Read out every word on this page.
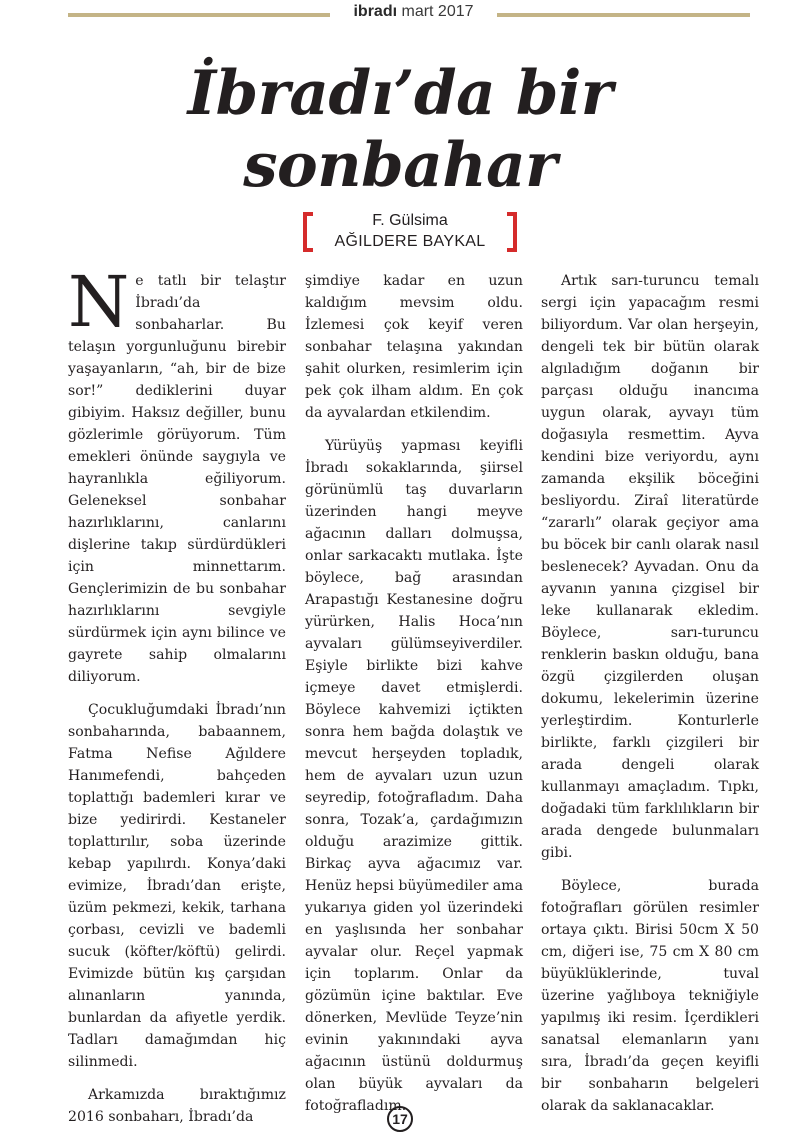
ibradı mart 2017
İbradı’da bir
sonbahar
F. Gülsima
AĞILDERE BAYKAL

Ne tatlı bir telaştır İbradı’da sonbaharlar. Bu telaşın yorgunluğunu birebir yaşayanların, “ah, bir de bize sor!” dediklerini duyar gibiyim. Haksız değiller, bunu gözlerimle görüyorum. Tüm emekleri önünde saygıyla ve hayranlıkla eğiliyorum. Geleneksel sonbahar hazırlıklarını, canlarını dişlerine takıp sürdürdükleri için minnettarım. Gençlerimizin de bu sonbahar hazırlıklarını sevgiyle sürdürmek için aynı bilince ve gayrete sahip olmalarını diliyorum.

Çocukluğumdaki İbradı’nın sonbaharında, babaannem, Fatma Nefise Ağıldere Hanımefendi, bahçeden toplattığı bademleri kırar ve bize yedirirdi. Kestaneler toplattırılır, soba üzerinde kebap yapılırdı. Konya’daki evimize, İbradı’dan erişte, üzüm pekmezi, kekik, tarhana çorbası, cevizli ve bademli sucuk (köfter/köftü) gelirdi. Evimizde bütün kış çarşıdan alınanların yanında, bunlardan da afiyetle yerdik. Tadları damağımdan hiç silinmedi.

Arkamızda bıraktığımız 2016 sonbaharı, İbradı’da

şimdiye kadar en uzun kaldığım mevsim oldu. İzlemesi çok keyif veren sonbahar telaşına yakından şahit olurken, resimlerim için pek çok ilham aldım. En çok da ayvalardan etkilendim.

Yürüyüş yapması keyifli İbradı sokaklarında, şiirsel görünümlü taş duvarların üzerinden hangi meyve ağacının dalları dolmuşsa, onlar sarkacaktı mutlaka. İşte böylece, bağ arasından Arapastığı Kestanesine doğru yürürken, Halis Hoca’nın ayvaları gülümseyiverdiler. Eşiyle birlikte bizi kahve içmeye davet etmişlerdi. Böylece kahvemizi içtikten sonra hem bağda dolaştık ve mevcut herşeyden topladık, hem de ayvaları uzun uzun seyredip, fotoğrafladım. Daha sonra, Tozak’a, çardağımızın olduğu arazimize gittik. Birkaç ayva ağacımız var. Henüz hepsi büyümediler ama yukarıya giden yol üzerindeki en yaşlısında her sonbahar ayvalar olur. Reçel yapmak için toplarım. Onlar da gözümün içine baktılar. Eve dönerken, Mevlüde Teyze’nin evinin yakınındaki ayva ağacının üstünü doldurmuş olan büyük ayvaları da fotoğrafladım.

Artık sarı-turuncu temalı sergi için yapacağım resmi biliyordum. Var olan herşeyin, dengeli tek bir bütün olarak algıladığım doğanın bir parçası olduğu inancıma uygun olarak, ayvayı tüm doğasıyla resmettim. Ayva kendini bize veriyordu, aynı zamanda ekşilik böceğini besliyordu. Ziraî literatürde “zararlı” olarak geçiyor ama bu böcek bir canlı olarak nasıl beslenecek? Ayvadan. Onu da ayvanın yanına çizgisel bir leke kullanarak ekledim. Böylece, sarı-turuncu renklerin baskın olduğu, bana özgü çizgilerden oluşan dokumu, lekelerimin üzerine yerleştirdim. Konturlerle birlikte, farklı çizgileri bir arada dengeli olarak kullanmayı amaçladım. Tıpkı, doğadaki tüm farklılıkların bir arada dengede bulunmaları gibi.

Böylece, burada fotoğrafları görülen resimler ortaya çıktı. Birisi 50cm X 50 cm, diğeri ise, 75 cm X 80 cm büyüklüklerinde, tuval üzerine yağlıboya tekniğiyle yapılmış iki resim. İçerdikleri sanatsal elemanların yanı sıra, İbradı’da geçen keyifli bir sonbaharın belgeleri olarak da saklanacaklar.

17
